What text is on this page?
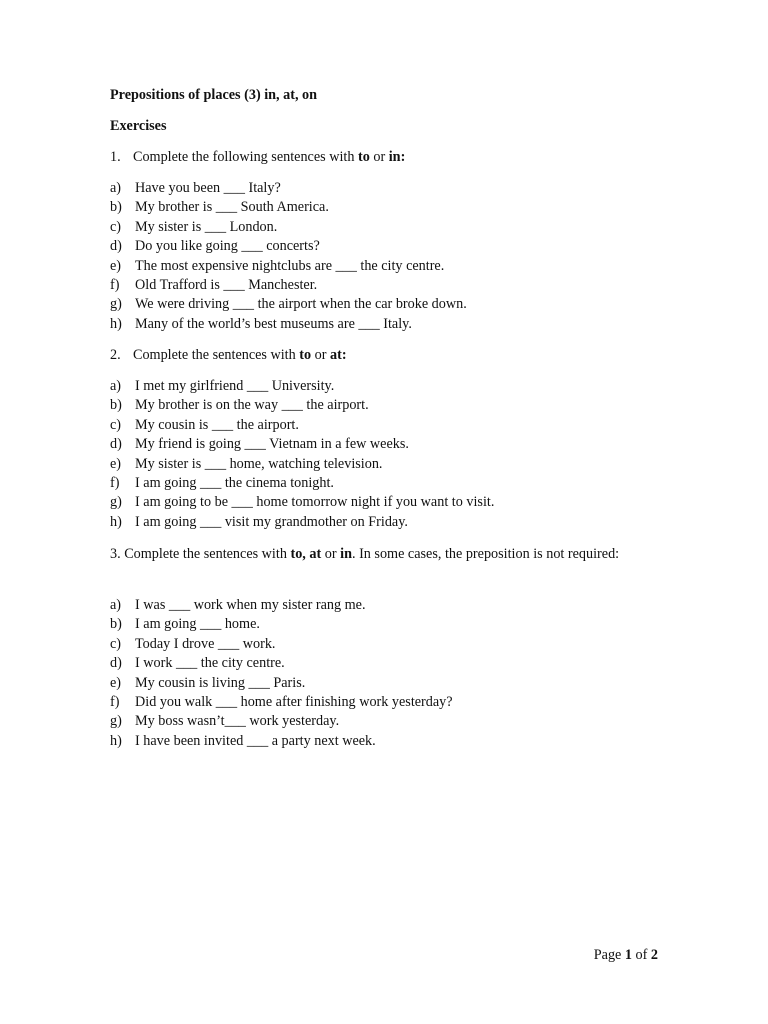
Prepositions of places (3) in, at, on
Exercises
1. Complete the following sentences with to or in:
a) Have you been ___ Italy?
b) My brother is ___ South America.
c) My sister is ___ London.
d) Do you like going ___ concerts?
e) The most expensive nightclubs are ___ the city centre.
f) Old Trafford is ___ Manchester.
g) We were driving ___ the airport when the car broke down.
h) Many of the world’s best museums are ___ Italy.
2. Complete the sentences with to or at:
a) I met my girlfriend ___ University.
b) My brother is on the way ___ the airport.
c) My cousin is ___ the airport.
d) My friend is going ___ Vietnam in a few weeks.
e) My sister is ___ home, watching television.
f) I am going ___ the cinema tonight.
g) I am going to be ___ home tomorrow night if you want to visit.
h) I am going ___ visit my grandmother on Friday.
3. Complete the sentences with to, at or in. In some cases, the preposition is not required:
a) I was ___ work when my sister rang me.
b) I am going ___ home.
c) Today I drove ___ work.
d) I work ___ the city centre.
e) My cousin is living ___ Paris.
f) Did you walk ___ home after finishing work yesterday?
g) My boss wasn’t___ work yesterday.
h) I have been invited ___ a party next week.
Page 1 of 2
